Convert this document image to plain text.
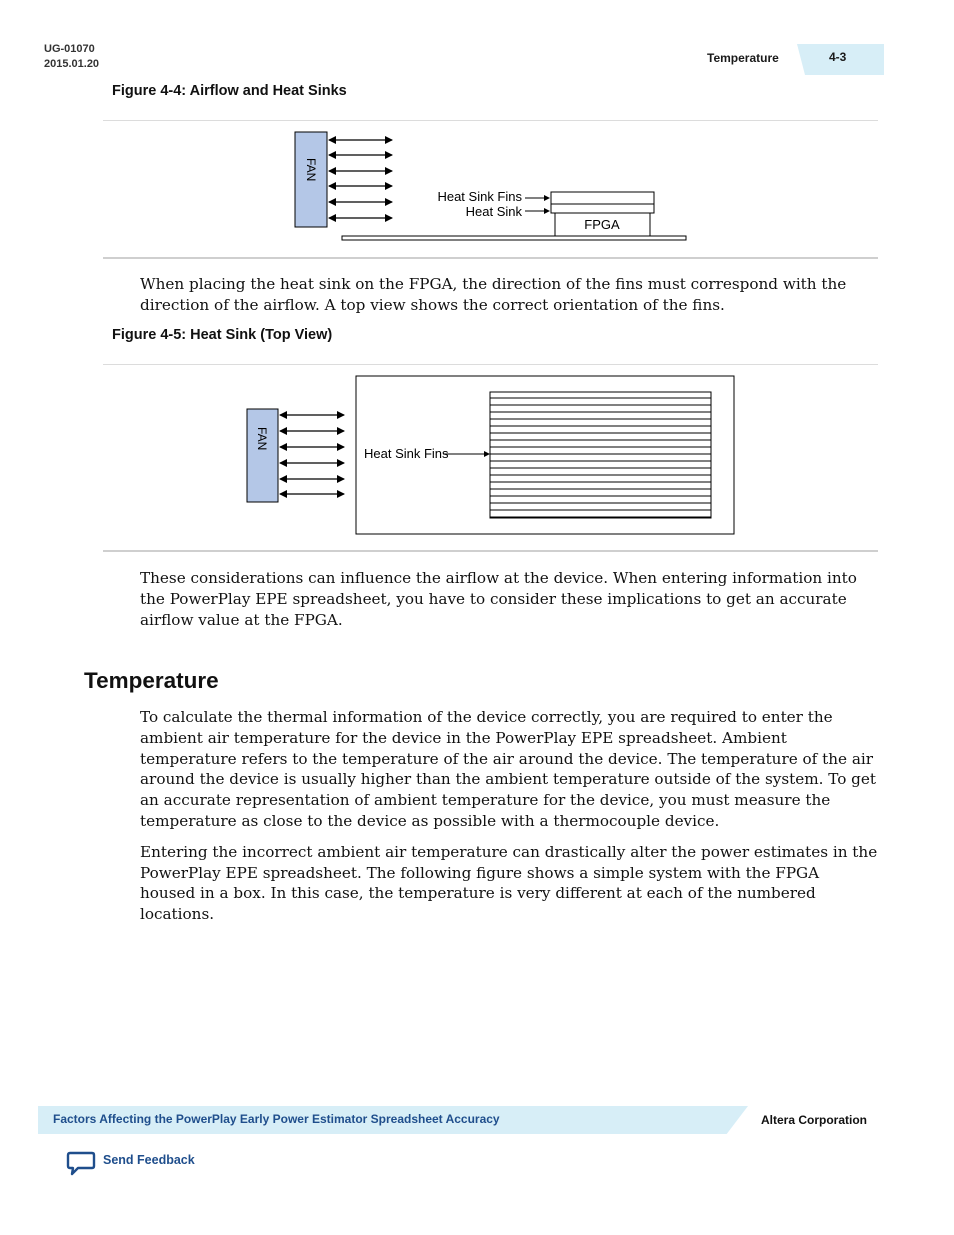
UG-01070
2015.01.20	Temperature	4-3
Figure 4-4: Airflow and Heat Sinks
FAN
Heat Sink Fins
Heat Sink
FPGA

When placing the heat sink on the FPGA, the direction of the fins must correspond with the direction of the airflow. A top view shows the correct orientation of the fins.

Figure 4-5: Heat Sink (Top View)
FAN
Heat Sink Fins

These considerations can influence the airflow at the device. When entering information into the PowerPlay EPE spreadsheet, you have to consider these implications to get an accurate airflow value at the FPGA.

Temperature

To calculate the thermal information of the device correctly, you are required to enter the ambient air temperature for the device in the PowerPlay EPE spreadsheet. Ambient temperature refers to the temperature of the air around the device. The temperature of the air around the device is usually higher than the ambient temperature outside of the system. To get an accurate representation of ambient temperature for the device, you must measure the temperature as close to the device as possible with a thermocouple device.

Entering the incorrect ambient air temperature can drastically alter the power estimates in the PowerPlay EPE spreadsheet. The following figure shows a simple system with the FPGA housed in a box. In this case, the temperature is very different at each of the numbered locations.

Factors Affecting the PowerPlay Early Power Estimator Spreadsheet Accuracy	Altera Corporation
Send Feedback
